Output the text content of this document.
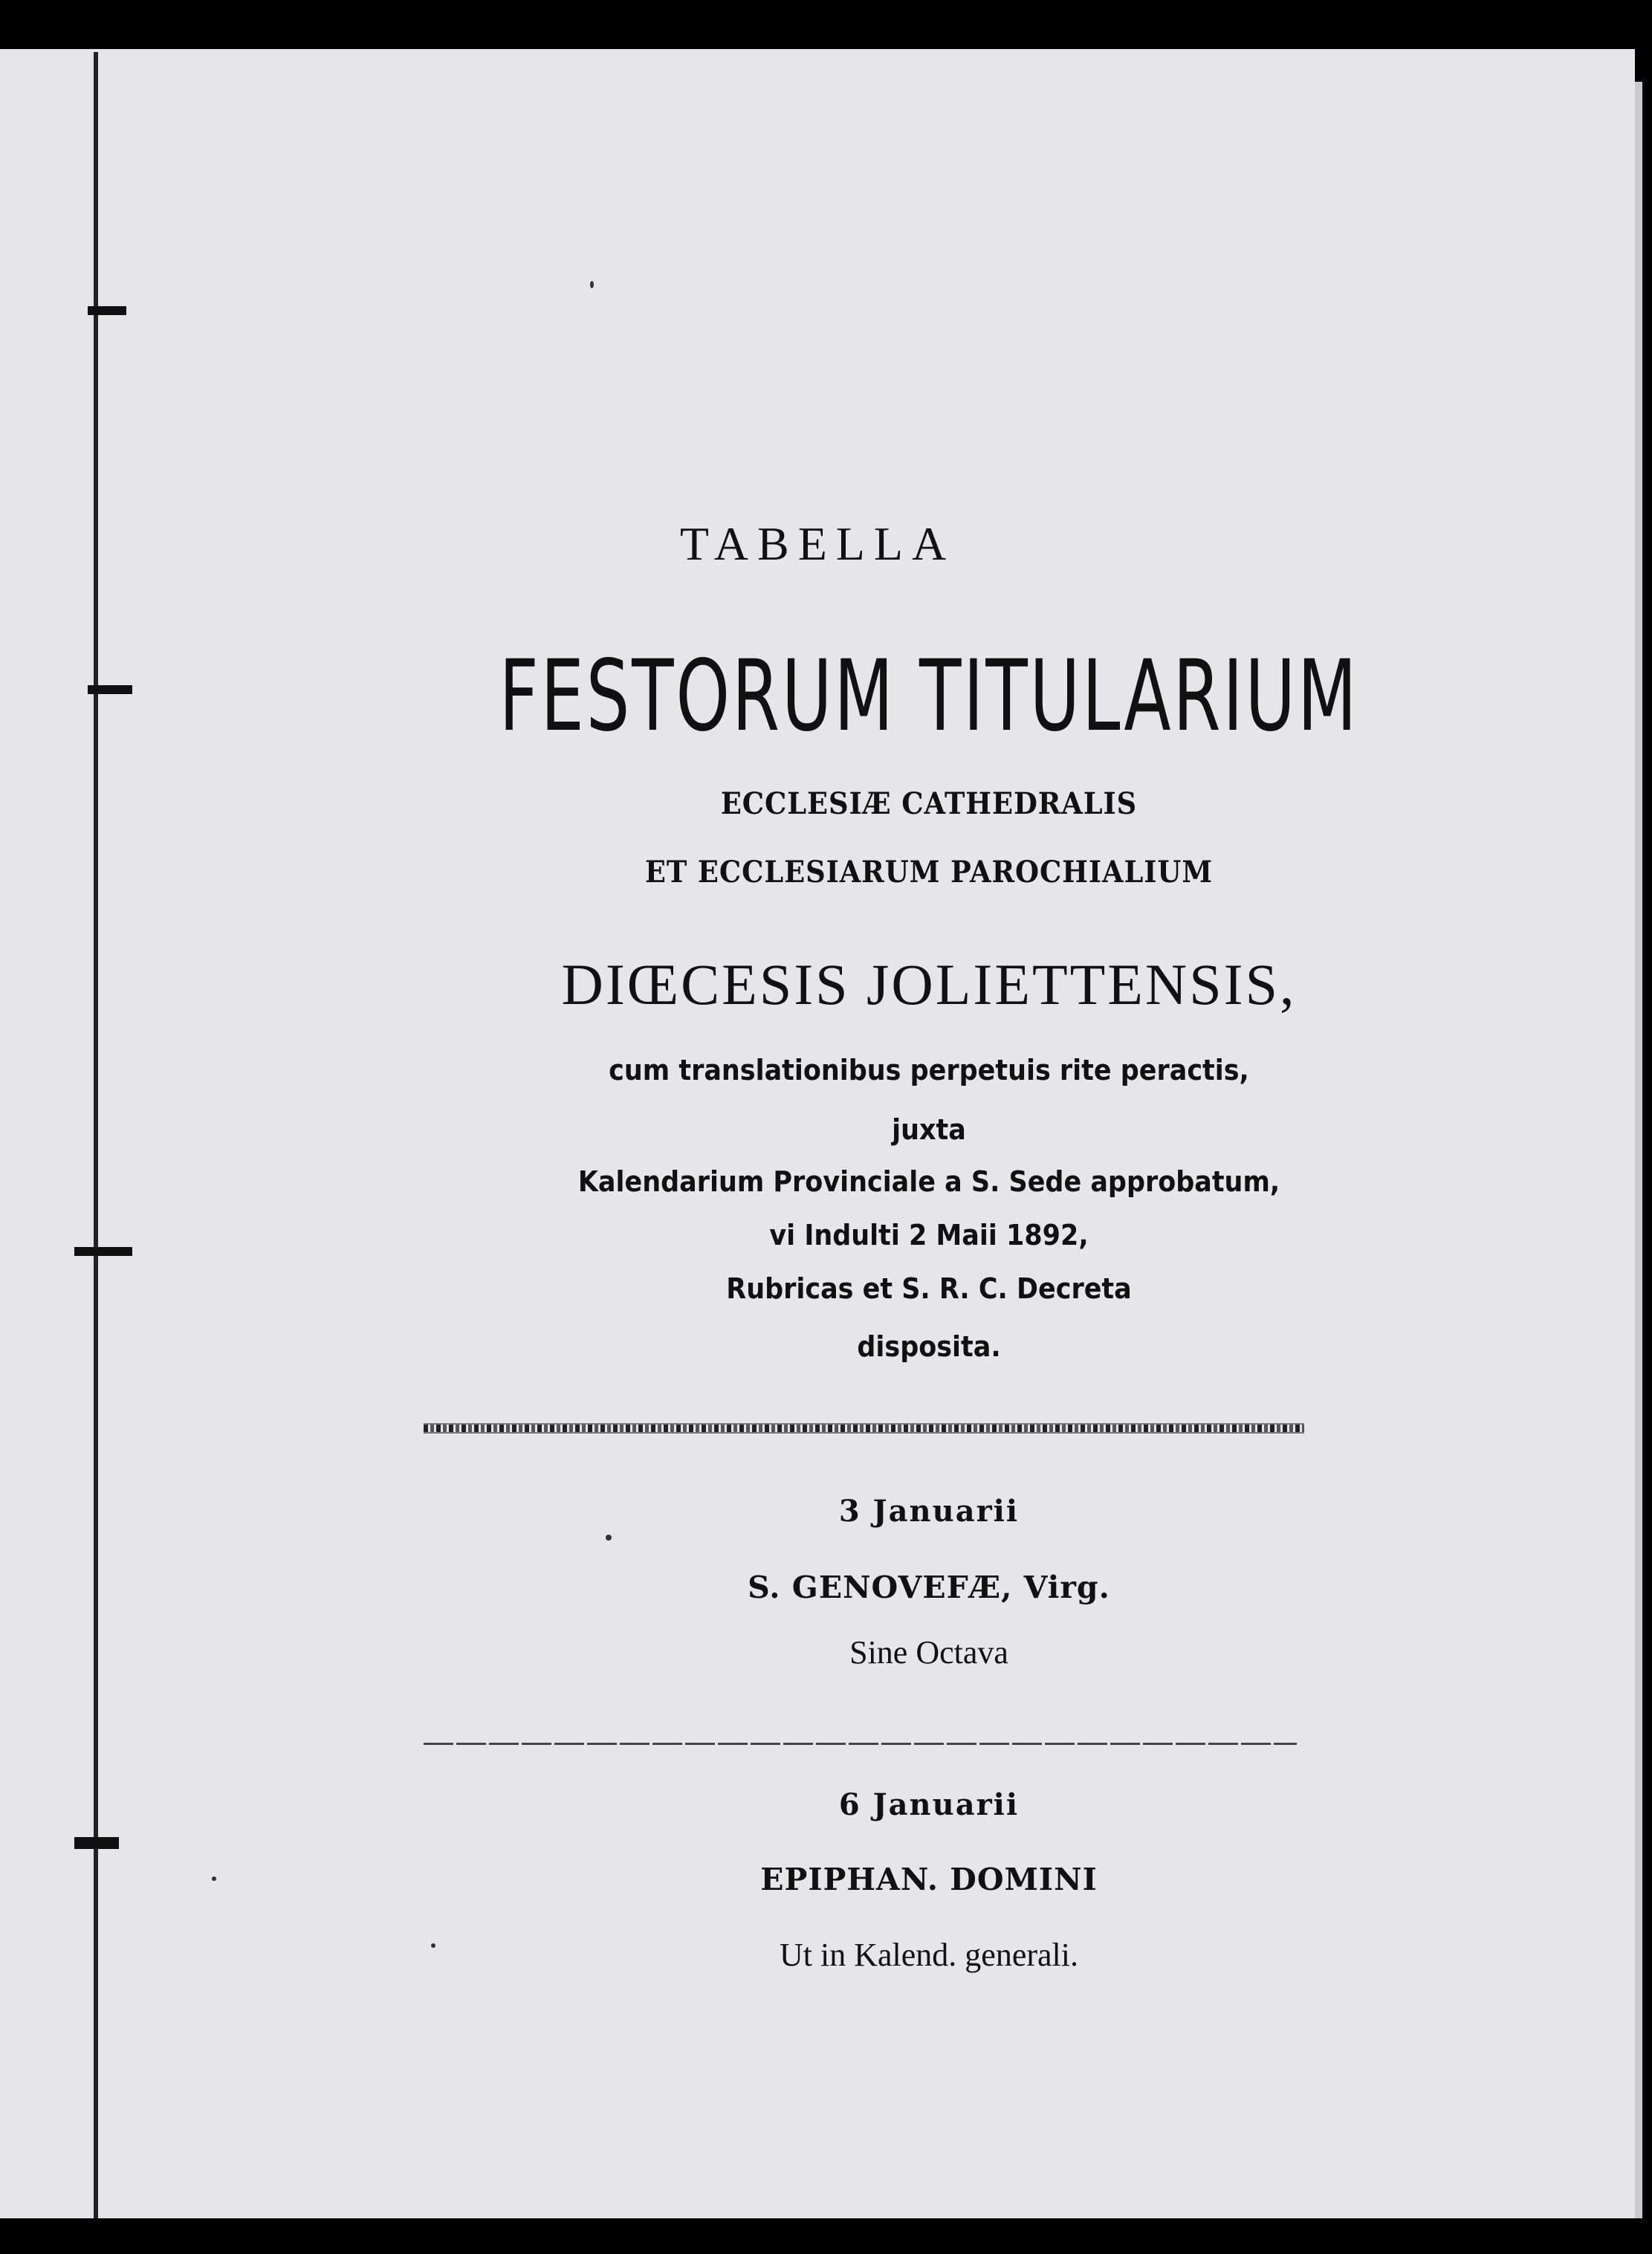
TABELLA
FESTORUM TITULARIUM
ECCLESIÆ CATHEDRALIS
ET ECCLESIARUM PAROCHIALIUM
DIŒCESIS JOLIETTENSIS,
cum translationibus perpetuis rite peractis,
juxta
Kalendarium Provinciale a S. Sede approbatum,
vi Indulti 2 Maii 1892,
Rubricas et S. R. C. Decreta
disposita.
3 Januarii
S. GENOVEFÆ, Virg.
Sine Octava
6 Januarii
EPIPHAN. DOMINI
Ut in Kalend. generali.
